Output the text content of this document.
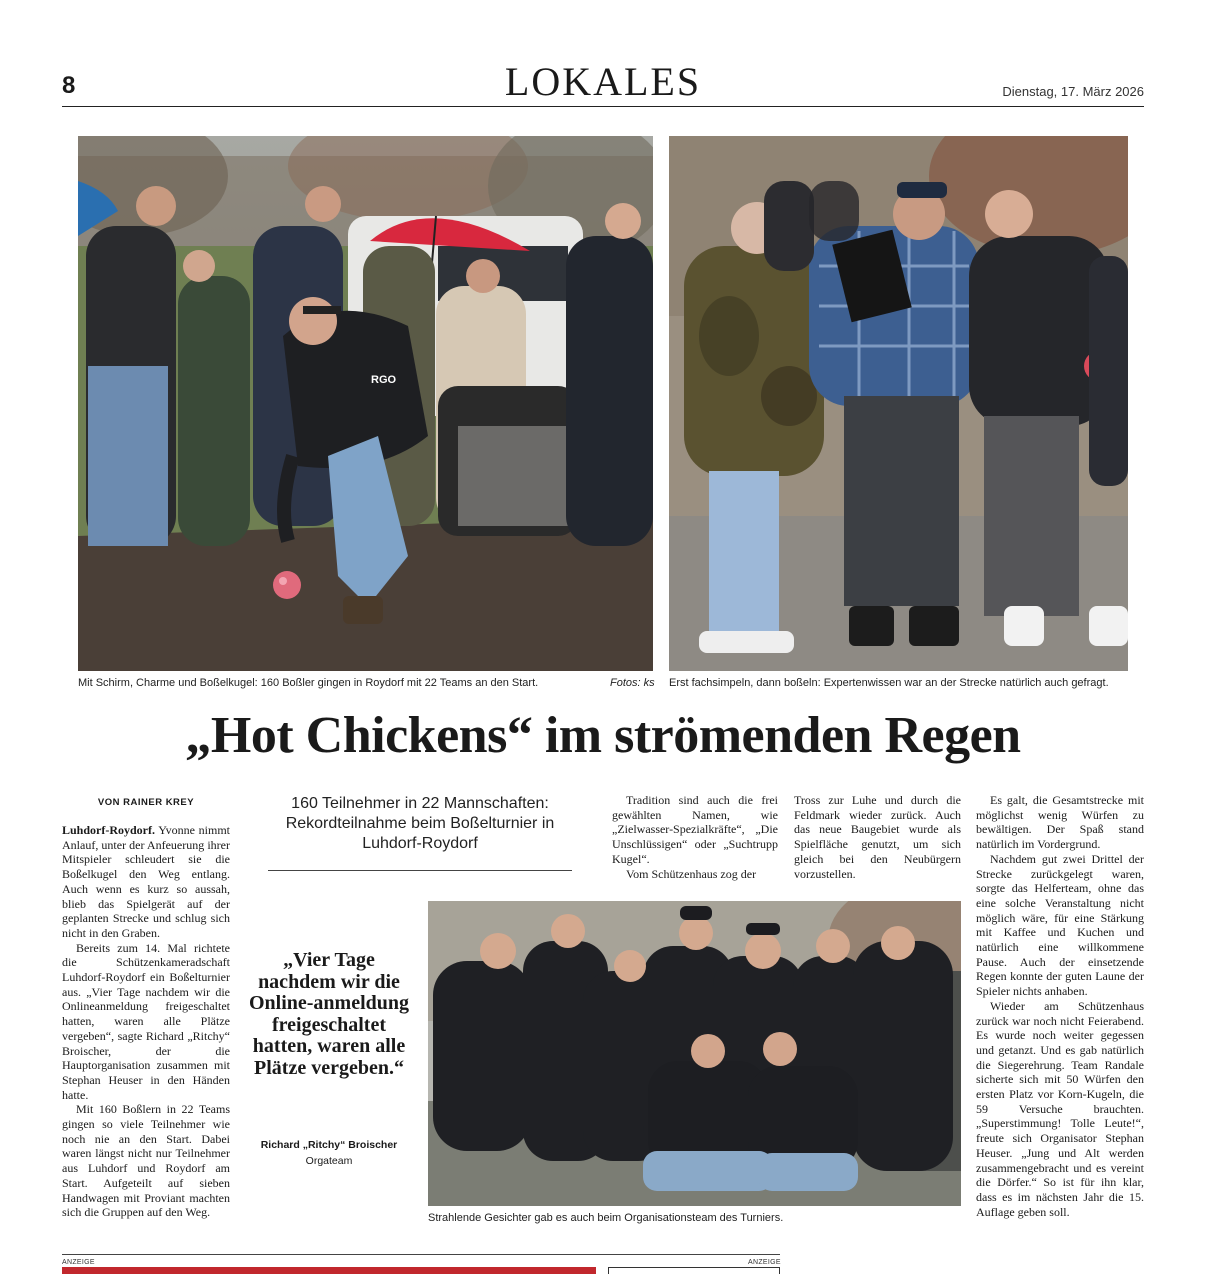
8	LOKALES	Dienstag, 17. März 2026
RGO
Mit Schirm, Charme und Boßelkugel: 160 Boßler gingen in Roydorf mit 22 Teams an den Start.	Fotos: ks Erst fachsimpeln, dann boßeln: Expertenwissen war an der Strecke natürlich auch gefragt.
„Hot Chickens“ im strömenden Regen
VON RAINER KREY

Luhdorf-Roydorf. Yvonne nimmt Anlauf, unter der Anfeuerung ihrer Mitspieler schleudert sie die Boßelkugel den Weg entlang. Auch wenn es kurz so aussah, blieb das Spielgerät auf der geplanten Strecke und schlug sich nicht in den Graben.

Bereits zum 14. Mal richtete die Schützenkameradschaft Luhdorf-Roydorf ein Boßelturnier aus. „Vier Tage nachdem wir die Onlineanmeldung freigeschaltet hatten, waren alle Plätze vergeben“, sagte Richard „Ritchy“ Broischer, der die Hauptorganisation zusammen mit Stephan Heuser in den Händen hatte.

Mit 160 Boßlern in 22 Teams gingen so viele Teilnehmer wie noch nie an den Start. Dabei waren längst nicht nur Teilnehmer aus Luhdorf und Roydorf am Start. Aufgeteilt auf sieben Handwagen mit Proviant machten sich die Gruppen auf den Weg.

160 Teilnehmer in 22 Mannschaften: Rekordteilnahme beim Boßelturnier in Luhdorf-Roydorf

Tradition sind auch die frei gewählten Namen, wie „Zielwasser-Spezialkräfte“, „Die Unschlüssigen“ oder „Suchtrupp Kugel“.

Vom Schützenhaus zog der

Tross zur Luhe und durch die Feldmark wieder zurück. Auch das neue Baugebiet wurde als Spielfläche genutzt, um sich gleich bei den Neubürgern vorzustellen.

Es galt, die Gesamtstrecke mit möglichst wenig Würfen zu bewältigen. Der Spaß stand natürlich im Vordergrund.

Nachdem gut zwei Drittel der Strecke zurückgelegt waren, sorgte das Helferteam, ohne das eine solche Veranstaltung nicht möglich wäre, für eine Stärkung mit Kaffee und Kuchen und natürlich eine willkommene Pause. Auch der einsetzende Regen konnte der guten Laune der Spieler nichts anhaben.

Wieder am Schützenhaus zurück war noch nicht Feierabend. Es wurde noch weiter gegessen und getanzt. Und es gab natürlich die Siegerehrung. Team Randale sicherte sich mit 50 Würfen den ersten Platz vor Korn-Kugeln, die 59 Versuche brauchten. „Superstimmung! Tolle Leute!“, freute sich Organisator Stephan Heuser. „Jung und Alt werden zusammengebracht und es vereint die Dörfer.“ So ist für ihn klar, dass es im nächsten Jahr die 15. Auflage geben soll.

„Vier Tage nachdem wir die Online-anmeldung freigeschaltet hatten, waren alle Plätze vergeben.“
Richard „Ritchy“ Broischer
Orgateam
Strahlende Gesichter gab es auch beim Organisationsteam des Turniers.
ANZEIGE	ANZEIGE
